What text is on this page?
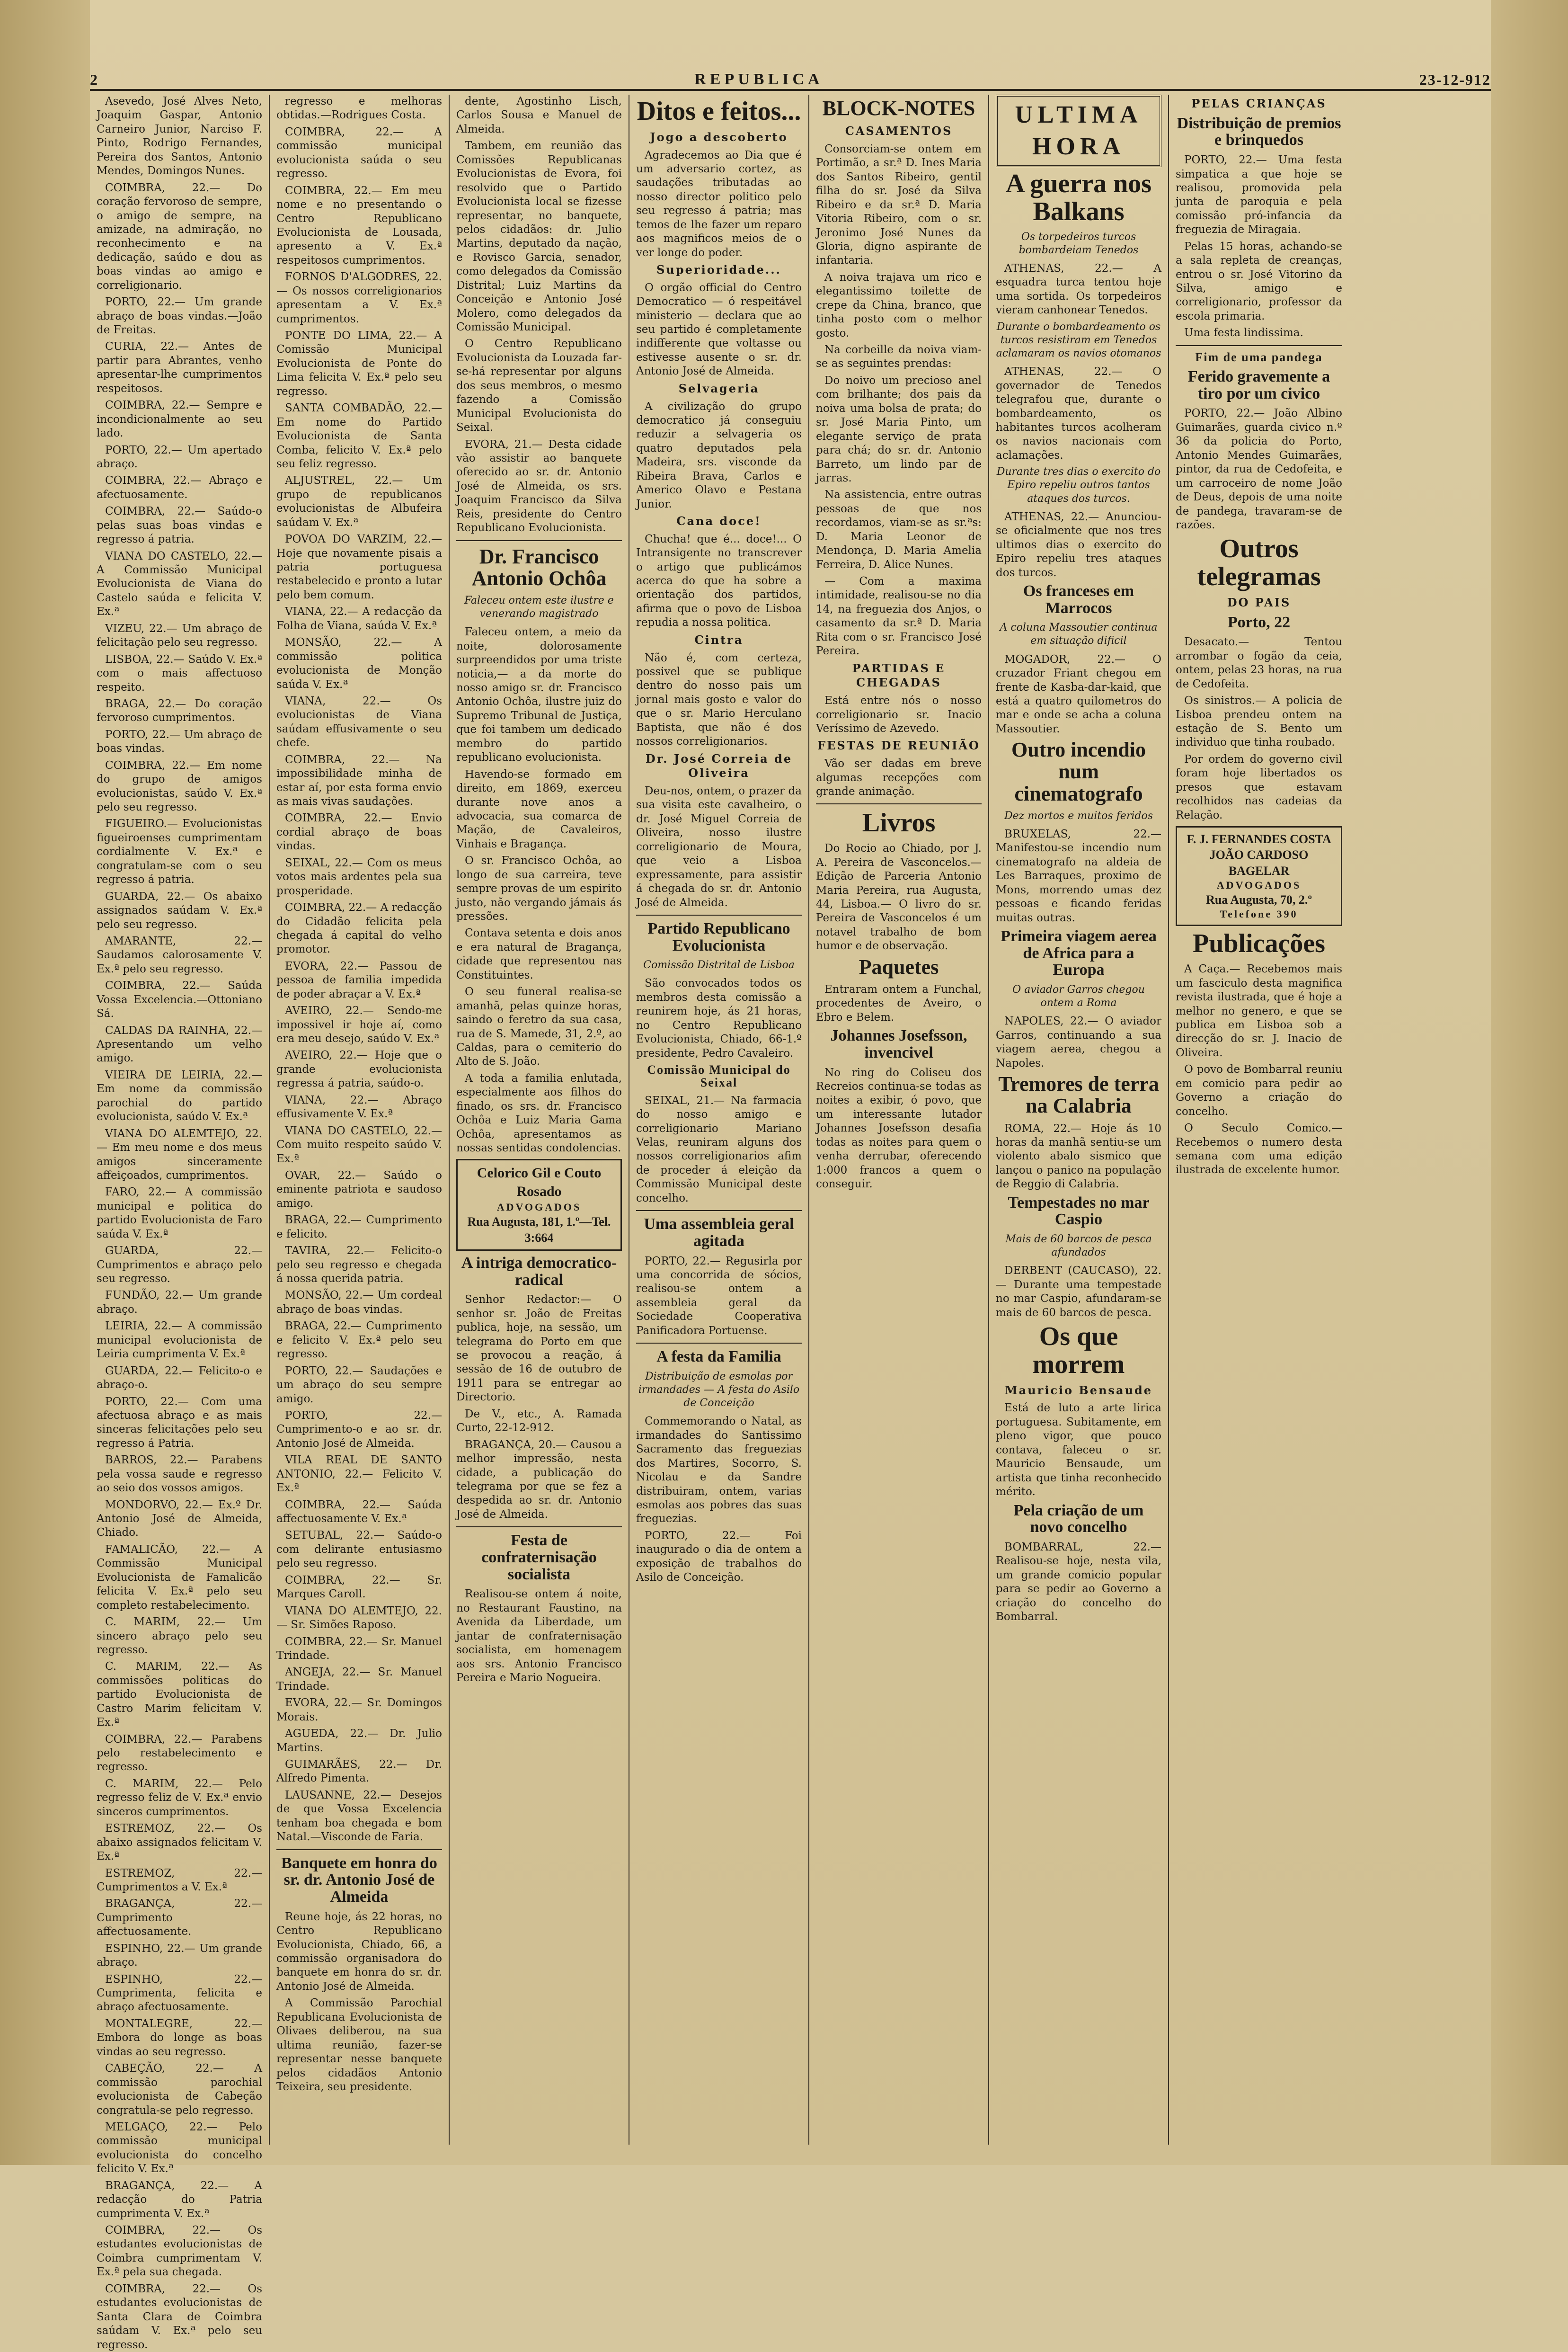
2	REPUBLICA	23-12-912

Asevedo, José Alves Neto, Joaquim Gaspar, Antonio Carneiro Junior, Narciso F. Pinto, Rodrigo Fernandes, Pereira dos Santos, Antonio Mendes, Domingos Nunes.

COIMBRA, 22.— Do coração fervoroso de sempre, o amigo de sempre, na amizade, na admiração, no reconhecimento e na dedicação, saúdo e dou as boas vindas ao amigo e correligionario.

PORTO, 22.— Um grande abraço de boas vindas.—João de Freitas.

CURIA, 22.— Antes de partir para Abrantes, venho apresentar-lhe cumprimentos respeitosos.

COIMBRA, 22.— Sempre e incondicionalmente ao seu lado.

PORTO, 22.— Um apertado abraço.

COIMBRA, 22.— Abraço e afectuosamente.

COIMBRA, 22.— Saúdo-o pelas suas boas vindas e regresso á patria.

VIANA DO CASTELO, 22.— A Commissão Municipal Evolucionista de Viana do Castelo saúda e felicita V. Ex.ª

VIZEU, 22.— Um abraço de felicitação pelo seu regresso.

LISBOA, 22.— Saúdo V. Ex.ª com o mais affectuoso respeito.

BRAGA, 22.— Do coração fervoroso cumprimentos.

PORTO, 22.— Um abraço de boas vindas.

COIMBRA, 22.— Em nome do grupo de amigos evolucionistas, saúdo V. Ex.ª pelo seu regresso.

FIGUEIRO.— Evolucionistas figueiroenses cumprimentam cordialmente V. Ex.ª e congratulam-se com o seu regresso á patria.

GUARDA, 22.— Os abaixo assignados saúdam V. Ex.ª pelo seu regresso.

AMARANTE, 22.— Saudamos calorosamente V. Ex.ª pelo seu regresso.

COIMBRA, 22.— Saúda Vossa Excelencia.—Ottoniano Sá.

CALDAS DA RAINHA, 22.— Apresentando um velho amigo.

VIEIRA DE LEIRIA, 22.— Em nome da commissão parochial do partido evolucionista, saúdo V. Ex.ª

VIANA DO ALEMTEJO, 22.— Em meu nome e dos meus amigos sinceramente affeiçoados, cumprimentos.

FARO, 22.— A commissão municipal e politica do partido Evolucionista de Faro saúda V. Ex.ª

GUARDA, 22.— Cumprimentos e abraço pelo seu regresso.

FUNDÃO, 22.— Um grande abraço.

LEIRIA, 22.— A commissão municipal evolucionista de Leiria cumprimenta V. Ex.ª

GUARDA, 22.— Felicito-o e abraço-o.

PORTO, 22.— Com uma afectuosa abraço e as mais sinceras felicitações pelo seu regresso á Patria.

BARROS, 22.— Parabens pela vossa saude e regresso ao seio dos vossos amigos.

MONDORVO, 22.— Ex.º Dr. Antonio José de Almeida, Chiado.

FAMALICÃO, 22.— A Commissão Municipal Evolucionista de Famalicão felicita V. Ex.ª pelo seu completo restabelecimento.

C. MARIM, 22.— Um sincero abraço pelo seu regresso.

C. MARIM, 22.— As commissões politicas do partido Evolucionista de Castro Marim felicitam V. Ex.ª

COIMBRA, 22.— Parabens pelo restabelecimento e regresso.

C. MARIM, 22.— Pelo regresso feliz de V. Ex.ª envio sinceros cumprimentos.

ESTREMOZ, 22.— Os abaixo assignados felicitam V. Ex.ª

ESTREMOZ, 22.— Cumprimentos a V. Ex.ª

BRAGANÇA, 22.— Cumprimento affectuosamente.

ESPINHO, 22.— Um grande abraço.

ESPINHO, 22.— Cumprimenta, felicita e abraço afectuosamente.

MONTALEGRE, 22.— Embora do longe as boas vindas ao seu regresso.

CABEÇÃO, 22.— A commissão parochial evolucionista de Cabeção congratula-se pelo regresso.

MELGAÇO, 22.— Pelo commissão municipal evolucionista do concelho felicito V. Ex.ª

BRAGANÇA, 22.— A redacção do Patria cumprimenta V. Ex.ª

COIMBRA, 22.— Os estudantes evolucionistas de Coimbra cumprimentam V. Ex.ª pela sua chegada.

COIMBRA, 22.— Os estudantes evolucionistas de Santa Clara de Coimbra saúdam V. Ex.ª pelo seu regresso.

regresso e melhoras obtidas.—Rodrigues Costa.

COIMBRA, 22.— A commissão municipal evolucionista saúda o seu regresso.

COIMBRA, 22.— Em meu nome e no presentando o Centro Republicano Evolucionista de Lousada, apresento a V. Ex.ª respeitosos cumprimentos.

FORNOS D'ALGODRES, 22.— Os nossos correligionarios apresentam a V. Ex.ª cumprimentos.

PONTE DO LIMA, 22.— A Comissão Municipal Evolucionista de Ponte do Lima felicita V. Ex.ª pelo seu regresso.

SANTA COMBADÃO, 22.— Em nome do Partido Evolucionista de Santa Comba, felicito V. Ex.ª pelo seu feliz regresso.

ALJUSTREL, 22.— Um grupo de republicanos evolucionistas de Albufeira saúdam V. Ex.ª

POVOA DO VARZIM, 22.— Hoje que novamente pisais a patria portuguesa restabelecido e pronto a lutar pelo bem comum.

VIANA, 22.— A redacção da Folha de Viana, saúda V. Ex.ª

MONSÃO, 22.— A commissão politica evolucionista de Monção saúda V. Ex.ª

VIANA, 22.— Os evolucionistas de Viana saúdam effusivamente o seu chefe.

COIMBRA, 22.— Na impossibilidade minha de estar aí, por esta forma envio as mais vivas saudações.

COIMBRA, 22.— Envio cordial abraço de boas vindas.

SEIXAL, 22.— Com os meus votos mais ardentes pela sua prosperidade.

COIMBRA, 22.— A redacção do Cidadão felicita pela chegada á capital do velho promotor.

EVORA, 22.— Passou de pessoa de familia impedida de poder abraçar a V. Ex.ª

AVEIRO, 22.— Sendo-me impossivel ir hoje aí, como era meu desejo, saúdo V. Ex.ª

AVEIRO, 22.— Hoje que o grande evolucionista regressa á patria, saúdo-o.

VIANA, 22.— Abraço effusivamente V. Ex.ª

VIANA DO CASTELO, 22.— Com muito respeito saúdo V. Ex.ª

OVAR, 22.— Saúdo o eminente patriota e saudoso amigo.

BRAGA, 22.— Cumprimento e felicito.

TAVIRA, 22.— Felicito-o pelo seu regresso e chegada á nossa querida patria.

MONSÃO, 22.— Um cordeal abraço de boas vindas.

BRAGA, 22.— Cumprimento e felicito V. Ex.ª pelo seu regresso.

PORTO, 22.— Saudações e um abraço do seu sempre amigo.

PORTO, 22.— Cumprimento-o e ao sr. dr. Antonio José de Almeida.

VILA REAL DE SANTO ANTONIO, 22.— Felicito V. Ex.ª

COIMBRA, 22.— Saúda affectuosamente V. Ex.ª

SETUBAL, 22.— Saúdo-o com delirante entusiasmo pelo seu regresso.

COIMBRA, 22.— Sr. Marques Caroll.

VIANA DO ALEMTEJO, 22.— Sr. Simões Raposo.

COIMBRA, 22.— Sr. Manuel Trindade.

ANGEJA, 22.— Sr. Manuel Trindade.

EVORA, 22.— Sr. Domingos Morais.

AGUEDA, 22.— Dr. Julio Martins.

GUIMARÃES, 22.— Dr. Alfredo Pimenta.

LAUSANNE, 22.— Desejos de que Vossa Excelencia tenham boa chegada e bom Natal.—Visconde de Faria.

Banquete em honra do sr. dr. Antonio José de Almeida

Reune hoje, ás 22 horas, no Centro Republicano Evolucionista, Chiado, 66, a commissão organisadora do banquete em honra do sr. dr. Antonio José de Almeida.

A Commissão Parochial Republicana Evolucionista de Olivaes deliberou, na sua ultima reunião, fazer-se representar nesse banquete pelos cidadãos Antonio Teixeira, seu presidente.

dente, Agostinho Lisch, Carlos Sousa e Manuel de Almeida.

Tambem, em reunião das Comissões Republicanas Evolucionistas de Evora, foi resolvido que o Partido Evolucionista local se fizesse representar, no banquete, pelos cidadãos: dr. Julio Martins, deputado da nação, e Rovisco Garcia, senador, como delegados da Comissão Distrital; Luiz Martins da Conceição e Antonio José Molero, como delegados da Comissão Municipal.

O Centro Republicano Evolucionista da Louzada far-se-há representar por alguns dos seus membros, o mesmo fazendo a Comissão Municipal Evolucionista do Seixal.

EVORA, 21.— Desta cidade vão assistir ao banquete oferecido ao sr. dr. Antonio José de Almeida, os srs. Joaquim Francisco da Silva Reis, presidente do Centro Republicano Evolucionista.

Dr. Francisco Antonio Ochôa
Faleceu ontem este ilustre e venerando magistrado

Faleceu ontem, a meio da noite, dolorosamente surpreendidos por uma triste noticia,— a da morte do nosso amigo sr. dr. Francisco Antonio Ochôa, ilustre juiz do Supremo Tribunal de Justiça, que foi tambem um dedicado membro do partido republicano evolucionista.

Havendo-se formado em direito, em 1869, exerceu durante nove anos a advocacia, sua comarca de Mação, de Cavaleiros, Vinhais e Bragança.

O sr. Francisco Ochôa, ao longo de sua carreira, teve sempre provas de um espirito justo, não vergando jámais ás pressões.

Contava setenta e dois anos e era natural de Bragança, cidade que representou nas Constituintes.

O seu funeral realisa-se amanhã, pelas quinze horas, saindo o feretro da sua casa, rua de S. Mamede, 31, 2.º, ao Caldas, para o cemiterio do Alto de S. João.

A toda a familia enlutada, especialmente aos filhos do finado, os srs. dr. Francisco Ochôa e Luiz Maria Gama Ochôa, apresentamos as nossas sentidas condolencias.

Celorico Gil e Couto Rosado
ADVOGADOS
Rua Augusta, 181, 1.º—Tel. 3:664
A intriga democratico-radical

Senhor Redactor:— O senhor sr. João de Freitas publica, hoje, na sessão, um telegrama do Porto em que se provocou a reação, á sessão de 16 de outubro de 1911 para se entregar ao Directorio.

De V., etc., A. Ramada Curto, 22-12-912.

BRAGANÇA, 20.— Causou a melhor impressão, nesta cidade, a publicação do telegrama por que se fez a despedida ao sr. dr. Antonio José de Almeida.

Festa de confraternisação socialista

Realisou-se ontem á noite, no Restaurant Faustino, na Avenida da Liberdade, um jantar de confraternisação socialista, em homenagem aos srs. Antonio Francisco Pereira e Mario Nogueira.

Ditos e feitos...
Jogo a descoberto

Agradecemos ao Dia que é um adversario cortez, as saudações tributadas ao nosso director politico pelo seu regresso á patria; mas temos de lhe fazer um reparo aos magnificos meios de o ver longe do poder.

Superioridade...

O orgão official do Centro Democratico — ó respeitável ministerio — declara que ao seu partido é completamente indifferente que voltasse ou estivesse ausente o sr. dr. Antonio José de Almeida.

Selvageria

A civilização do grupo democratico já conseguiu reduzir a selvageria os quatro deputados pela Madeira, srs. visconde da Ribeira Brava, Carlos e Americo Olavo e Pestana Junior.

Cana doce!

Chucha! que é... doce!... O Intransigente no transcrever o artigo que publicámos acerca do que ha sobre a orientação dos partidos, afirma que o povo de Lisboa repudia a nossa politica.

Cintra

Não é, com certeza, possivel que se publique dentro do nosso pais um jornal mais gosto e valor do que o sr. Mario Herculano Baptista, que não é dos nossos correligionarios.

Dr. José Correia de Oliveira

Deu-nos, ontem, o prazer da sua visita este cavalheiro, o dr. José Miguel Correia de Oliveira, nosso ilustre correligionario de Moura, que veio a Lisboa expressamente, para assistir á chegada do sr. dr. Antonio José de Almeida.

Partido Republicano Evolucionista
Comissão Distrital de Lisboa

São convocados todos os membros desta comissão a reunirem hoje, ás 21 horas, no Centro Republicano Evolucionista, Chiado, 66-1.º presidente, Pedro Cavaleiro.

Comissão Municipal do Seixal

SEIXAL, 21.— Na farmacia do nosso amigo e correligionario Mariano Velas, reuniram alguns dos nossos correligionarios afim de proceder á eleição da Commissão Municipal deste concelho.

Uma assembleia geral agitada

PORTO, 22.— Regusirla por uma concorrida de sócios, realisou-se ontem a assembleia geral da Sociedade Cooperativa Panificadora Portuense.

A festa da Familia
Distribuição de esmolas por irmandades — A festa do Asilo de Conceição

Commemorando o Natal, as irmandades do Santissimo Sacramento das freguezias dos Martires, Socorro, S. Nicolau e da Sandre distribuiram, ontem, varias esmolas aos pobres das suas freguezias.

PORTO, 22.— Foi inaugurado o dia de ontem a exposição de trabalhos do Asilo de Conceição.

BLOCK-NOTES
CASAMENTOS

Consorciam-se ontem em Portimão, a sr.ª D. Ines Maria dos Santos Ribeiro, gentil filha do sr. José da Silva Ribeiro e da sr.ª D. Maria Vitoria Ribeiro, com o sr. Jeronimo José Nunes da Gloria, digno aspirante de infantaria.

A noiva trajava um rico e elegantissimo toilette de crepe da China, branco, que tinha posto com o melhor gosto.

Na corbeille da noiva viam-se as seguintes prendas:

Do noivo um precioso anel com brilhante; dos pais da noiva uma bolsa de prata; do sr. José Maria Pinto, um elegante serviço de prata para chá; do sr. dr. Antonio Barreto, um lindo par de jarras.

Na assistencia, entre outras pessoas de que nos recordamos, viam-se as sr.ªs: D. Maria Leonor de Mendonça, D. Maria Amelia Ferreira, D. Alice Nunes.

— Com a maxima intimidade, realisou-se no dia 14, na freguezia dos Anjos, o casamento da sr.ª D. Maria Rita com o sr. Francisco José Pereira.

PARTIDAS E CHEGADAS

Está entre nós o nosso correligionario sr. Inacio Veríssimo de Azevedo.

FESTAS DE REUNIÃO

Vão ser dadas em breve algumas recepções com grande animação.

Livros

Do Rocio ao Chiado, por J. A. Pereira de Vasconcelos.— Edição de Parceria Antonio Maria Pereira, rua Augusta, 44, Lisboa.— O livro do sr. Pereira de Vasconcelos é um notavel trabalho de bom humor e de observação.

Paquetes

Entraram ontem a Funchal, procedentes de Aveiro, o Ebro e Belem.

Johannes Josefsson, invencivel

No ring do Coliseu dos Recreios continua-se todas as noites a exibir, ó povo, que um interessante lutador Johannes Josefsson desafia todas as noites para quem o venha derrubar, oferecendo 1:000 francos a quem o conseguir.

ULTIMA HORA
A guerra nos Balkans
Os torpedeiros turcos bombardeiam Tenedos

ATHENAS, 22.— A esquadra turca tentou hoje uma sortida. Os torpedeiros vieram canhonear Tenedos.

Durante o bombardeamento os turcos resistiram em Tenedos aclamaram os navios otomanos

ATHENAS, 22.— O governador de Tenedos telegrafou que, durante o bombardeamento, os habitantes turcos acolheram os navios nacionais com aclamações.

Durante tres dias o exercito do Epiro repeliu outros tantos ataques dos turcos.

ATHENAS, 22.— Anunciou-se oficialmente que nos tres ultimos dias o exercito do Epiro repeliu tres ataques dos turcos.

Os franceses em Marrocos
A coluna Massoutier continua em situação dificil

MOGADOR, 22.— O cruzador Friant chegou em frente de Kasba-dar-kaid, que está a quatro quilometros do mar e onde se acha a coluna Massoutier.

Outro incendio num cinematografo
Dez mortos e muitos feridos

BRUXELAS, 22.— Manifestou-se incendio num cinematografo na aldeia de Les Barraques, proximo de Mons, morrendo umas dez pessoas e ficando feridas muitas outras.

Primeira viagem aerea de Africa para a Europa
O aviador Garros chegou ontem a Roma

NAPOLES, 22.— O aviador Garros, continuando a sua viagem aerea, chegou a Napoles.

Tremores de terra na Calabria

ROMA, 22.— Hoje ás 10 horas da manhã sentiu-se um violento abalo sismico que lançou o panico na população de Reggio di Calabria.

Tempestades no mar Caspio
Mais de 60 barcos de pesca afundados

DERBENT (CAUCASO), 22.— Durante uma tempestade no mar Caspio, afundaram-se mais de 60 barcos de pesca.

Os que morrem
Mauricio Bensaude

Está de luto a arte lirica portuguesa. Subitamente, em pleno vigor, que pouco contava, faleceu o sr. Mauricio Bensaude, um artista que tinha reconhecido mérito.

Pela criação de um novo concelho

BOMBARRAL, 22.— Realisou-se hoje, nesta vila, um grande comicio popular para se pedir ao Governo a criação do concelho do Bombarral.

PELAS CRIANÇAS
Distribuição de premios e brinquedos

PORTO, 22.— Uma festa simpatica a que hoje se realisou, promovida pela junta de paroquia e pela comissão pró-infancia da freguezia de Miragaia.

Pelas 15 horas, achando-se a sala repleta de creanças, entrou o sr. José Vitorino da Silva, amigo e correligionario, professor da escola primaria.

Uma festa lindissima.

Fim de uma pandega
Ferido gravemente a tiro por um civico

PORTO, 22.— João Albino Guimarães, guarda civico n.º 36 da policia do Porto, Antonio Mendes Guimarães, pintor, da rua de Cedofeita, e um carroceiro de nome João de Deus, depois de uma noite de pandega, travaram-se de razões.

Outros telegramas
DO PAIS
Porto, 22

Desacato.— Tentou arrombar o fogão da ceia, ontem, pelas 23 horas, na rua de Cedofeita.

Os sinistros.— A policia de Lisboa prendeu ontem na estação de S. Bento um individuo que tinha roubado.

Por ordem do governo civil foram hoje libertados os presos que estavam recolhidos nas cadeias da Relação.

F. J. FERNANDES COSTA
JOÃO CARDOSO BAGELAR
ADVOGADOS
Rua Augusta, 70, 2.º
Telefone 390
Publicações

A Caça.— Recebemos mais um fasciculo desta magnifica revista ilustrada, que é hoje a melhor no genero, e que se publica em Lisboa sob a direcção do sr. J. Inacio de Oliveira.

O povo de Bombarral reuniu em comicio para pedir ao Governo a criação do concelho.

O Seculo Comico.— Recebemos o numero desta semana com uma edição ilustrada de excelente humor.
